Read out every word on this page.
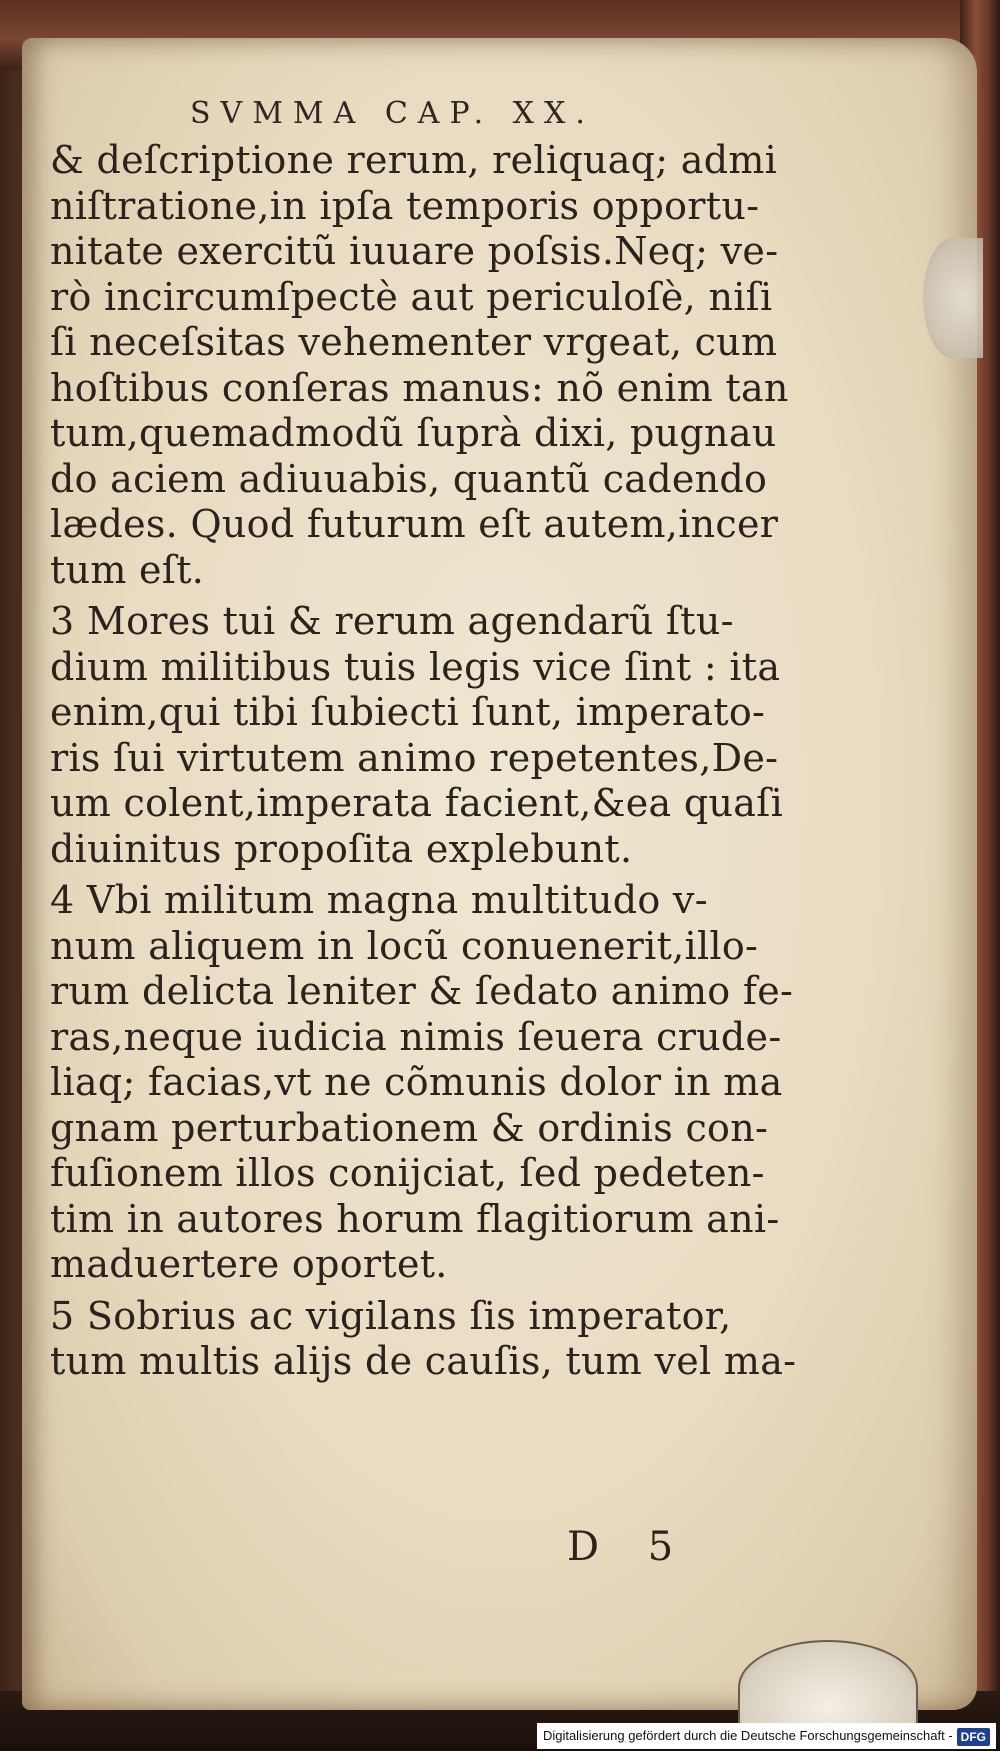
SVMMA CAP. XX.
& deſcriptione rerum, reliquaq; admi
niſtratione,in ipſa temporis opportu-
nitate exercitũ iuuare poſsis.Neq; ve-
rò incircumſpectè aut periculoſè, niſi
ſi neceſsitas vehementer vrgeat, cum
hoſtibus conſeras manus: nõ enim tan
tum,quemadmodũ ſuprà dixi, pugnau
do aciem adiuuabis, quantũ cadendo
lædes. Quod futurum eſt autem,incer
tum eſt.
3 Mores tui & rerum agendarũ ſtu-
dium militibus tuis legis vice ſint : ita
enim,qui tibi ſubiecti ſunt, imperato-
ris ſui virtutem animo repetentes,De-
um colent,imperata facient,&ea quaſi
diuinitus propoſita explebunt.
4 Vbi militum magna multitudo v-
num aliquem in locũ conuenerit,illo-
rum delicta leniter & ſedato animo fe-
ras,neque iudicia nimis ſeuera crude-
liaq; facias,vt ne cõmunis dolor in ma
gnam perturbationem & ordinis con-
fuſionem illos conijciat, ſed pedeten-
tim in autores horum flagitiorum ani-
maduertere oportet.
5 Sobrius ac vigilans ſis imperator,
tum multis alijs de cauſis, tum vel ma-
D 5
Digitalisierung gefördert durch die Deutsche Forschungsgemeinschaft - DFG
